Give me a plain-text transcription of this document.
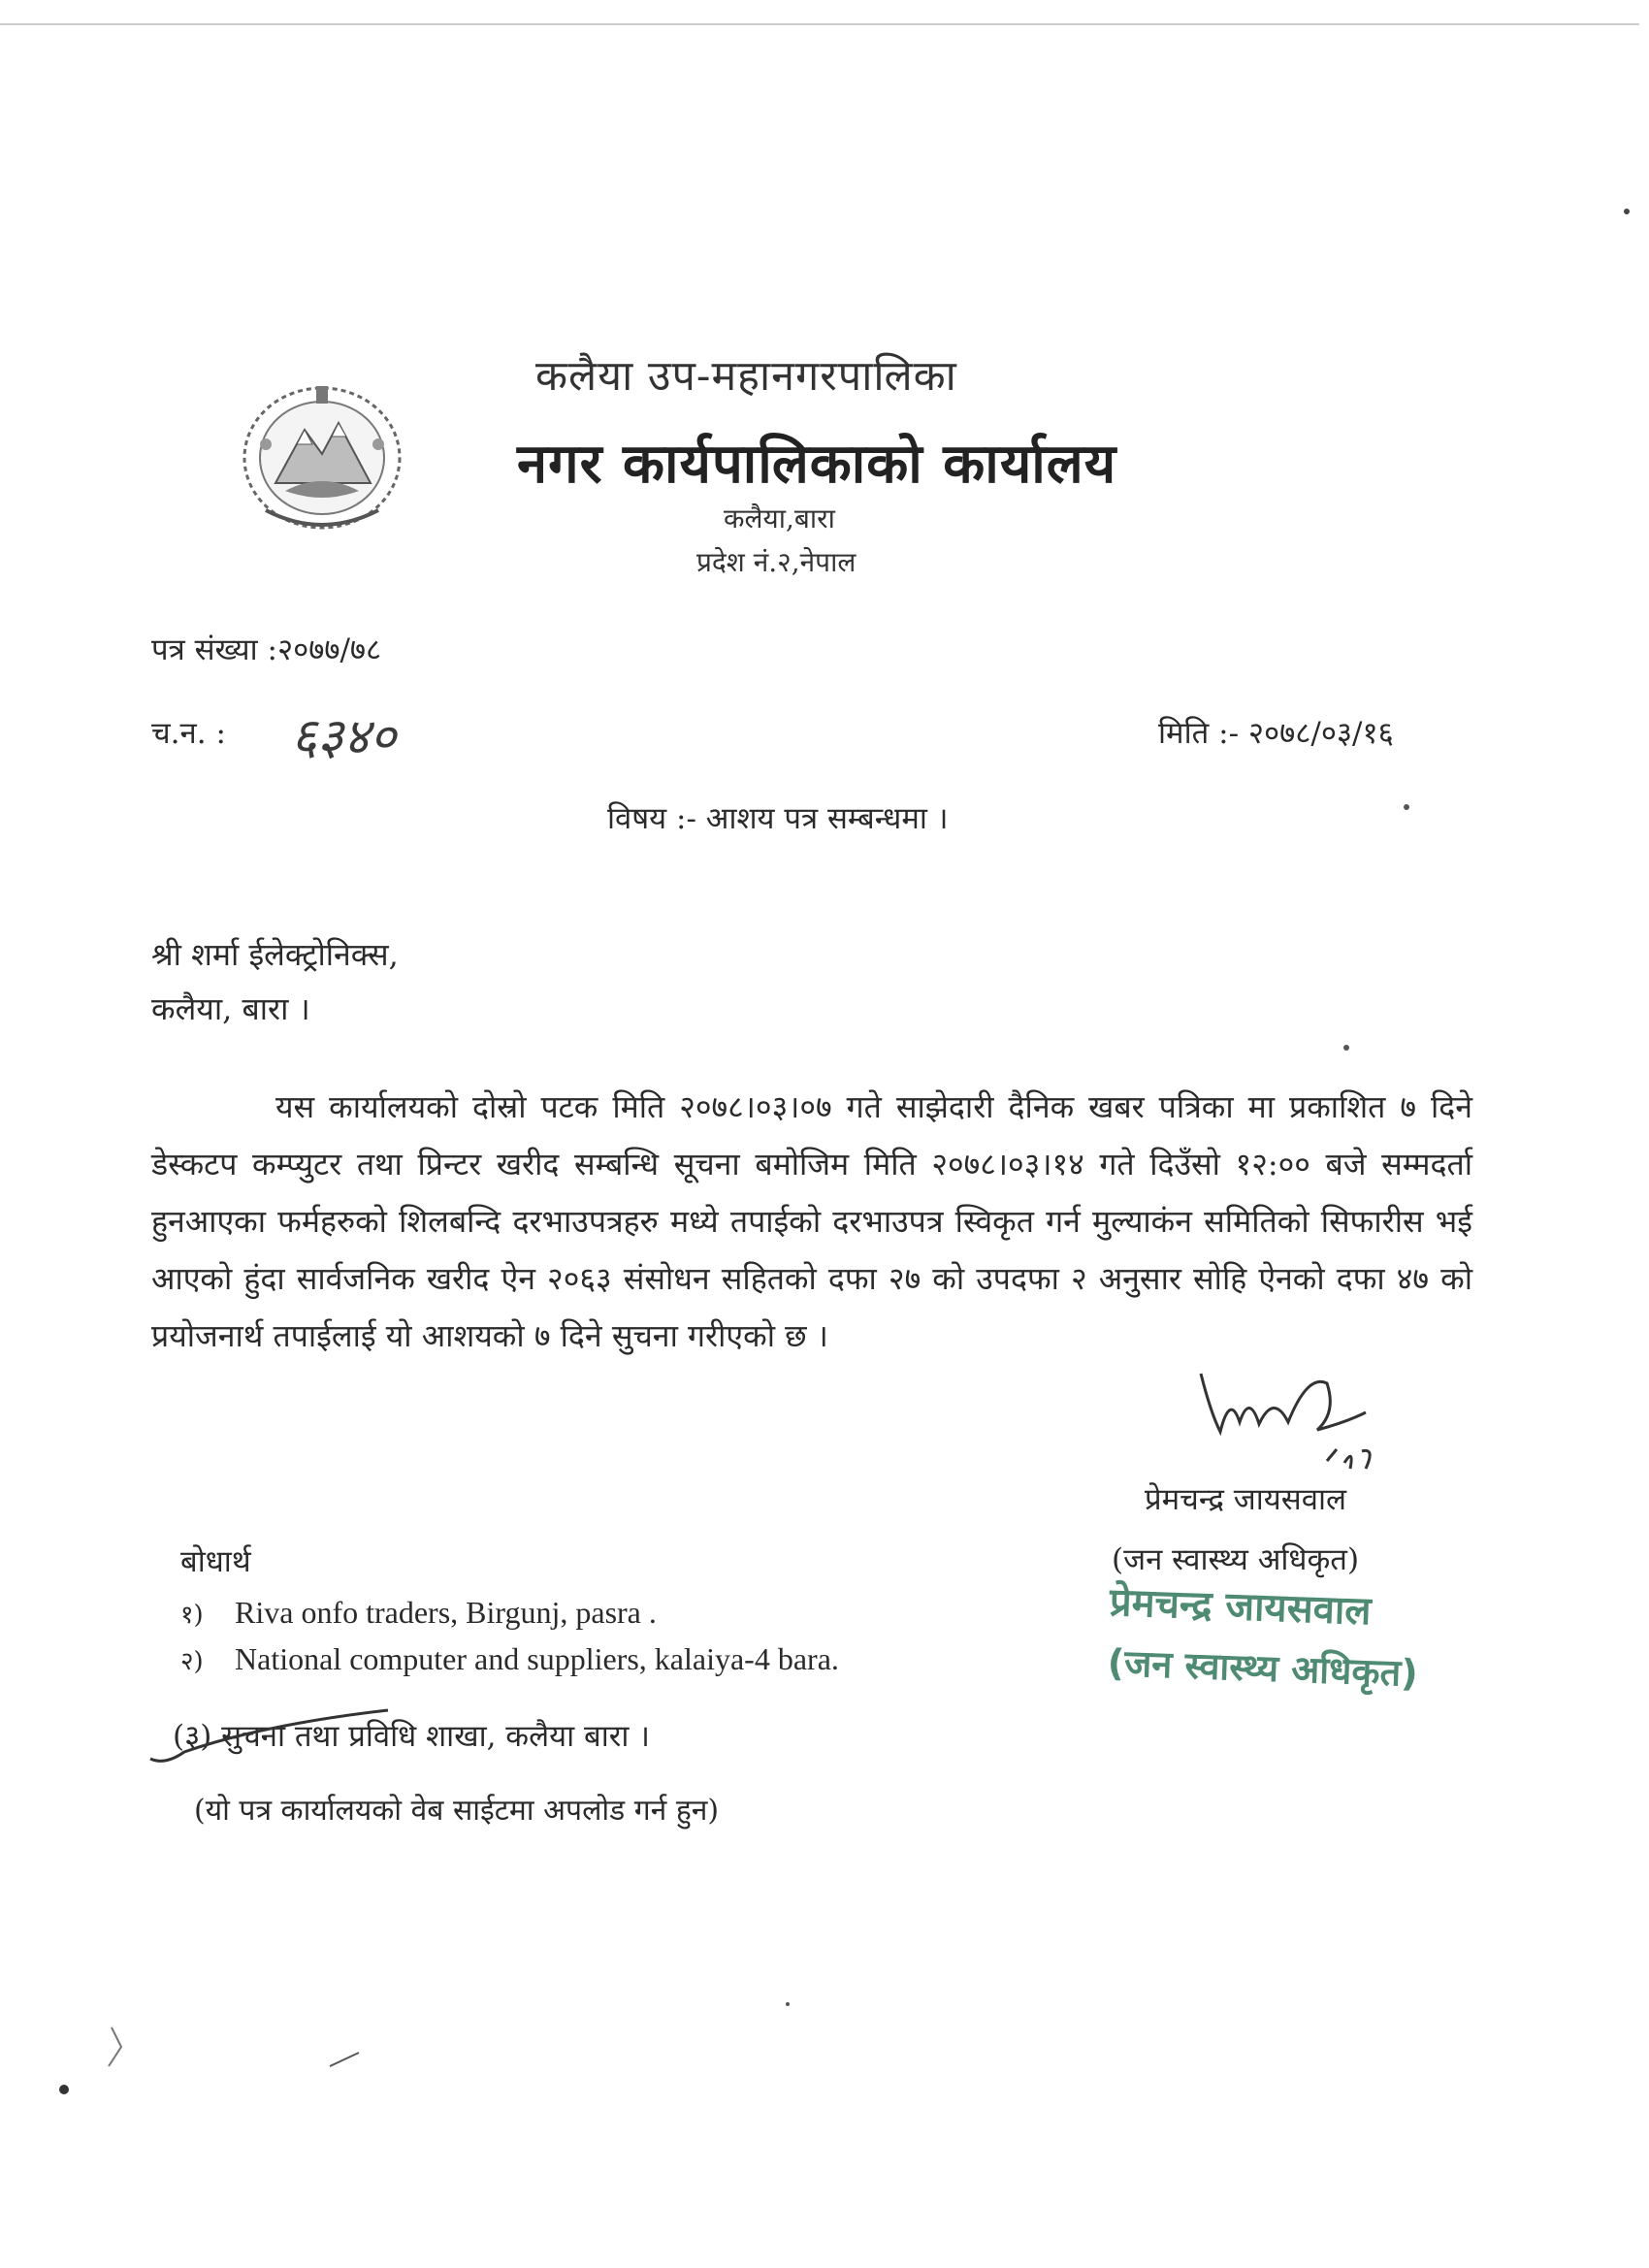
कलैया उप-महानगरपालिका
नगर कार्यपालिकाको कार्यालय
कलैया,बारा
प्रदेश नं.२,नेपाल
पत्र संख्या :२०७७/७८
च.न. : ६३४०	मिति :- २०७८/०३/१६
विषय :- आशय पत्र सम्बन्धमा ।
श्री शर्मा ईलेक्ट्रोनिक्स,
कलैया, बारा ।
यस कार्यालयको दोस्रो पटक मिति २०७८।०३।०७ गते साझेदारी दैनिक खबर पत्रिका मा प्रकाशित ७ दिने डेस्कटप कम्प्युटर तथा प्रिन्टर खरीद सम्बन्धि सूचना बमोजिम मिति २०७८।०३।१४ गते दिउँसो १२:०० बजे सम्मदर्ता हुनआएका फर्महरुको शिलबन्दि दरभाउपत्रहरु मध्ये तपाईको दरभाउपत्र स्विकृत गर्न मुल्याकंन समितिको सिफारीस भई आएको हुंदा सार्वजनिक खरीद ऐन २०६३ संसोधन सहितको दफा २७ को उपदफा २ अनुसार सोहि ऐनको दफा ४७ को प्रयोजनार्थ तपाईलाई यो आशयको ७ दिने सुचना गरीएको छ ।
प्रेमचन्द्र जायसवाल
(जन स्वास्थ्य अधिकृत)
प्रेमचन्द्र जायसवाल
(जन स्वास्थ्य अधिकृत)
बोधार्थ
१) Riva onfo traders, Birgunj, pasra .
२) National computer and suppliers, kalaiya-4 bara.
(३) सुचना तथा प्रविधि शाखा, कलैया बारा ।
(यो पत्र कार्यालयको वेब साईटमा अपलोड गर्न हुन)
